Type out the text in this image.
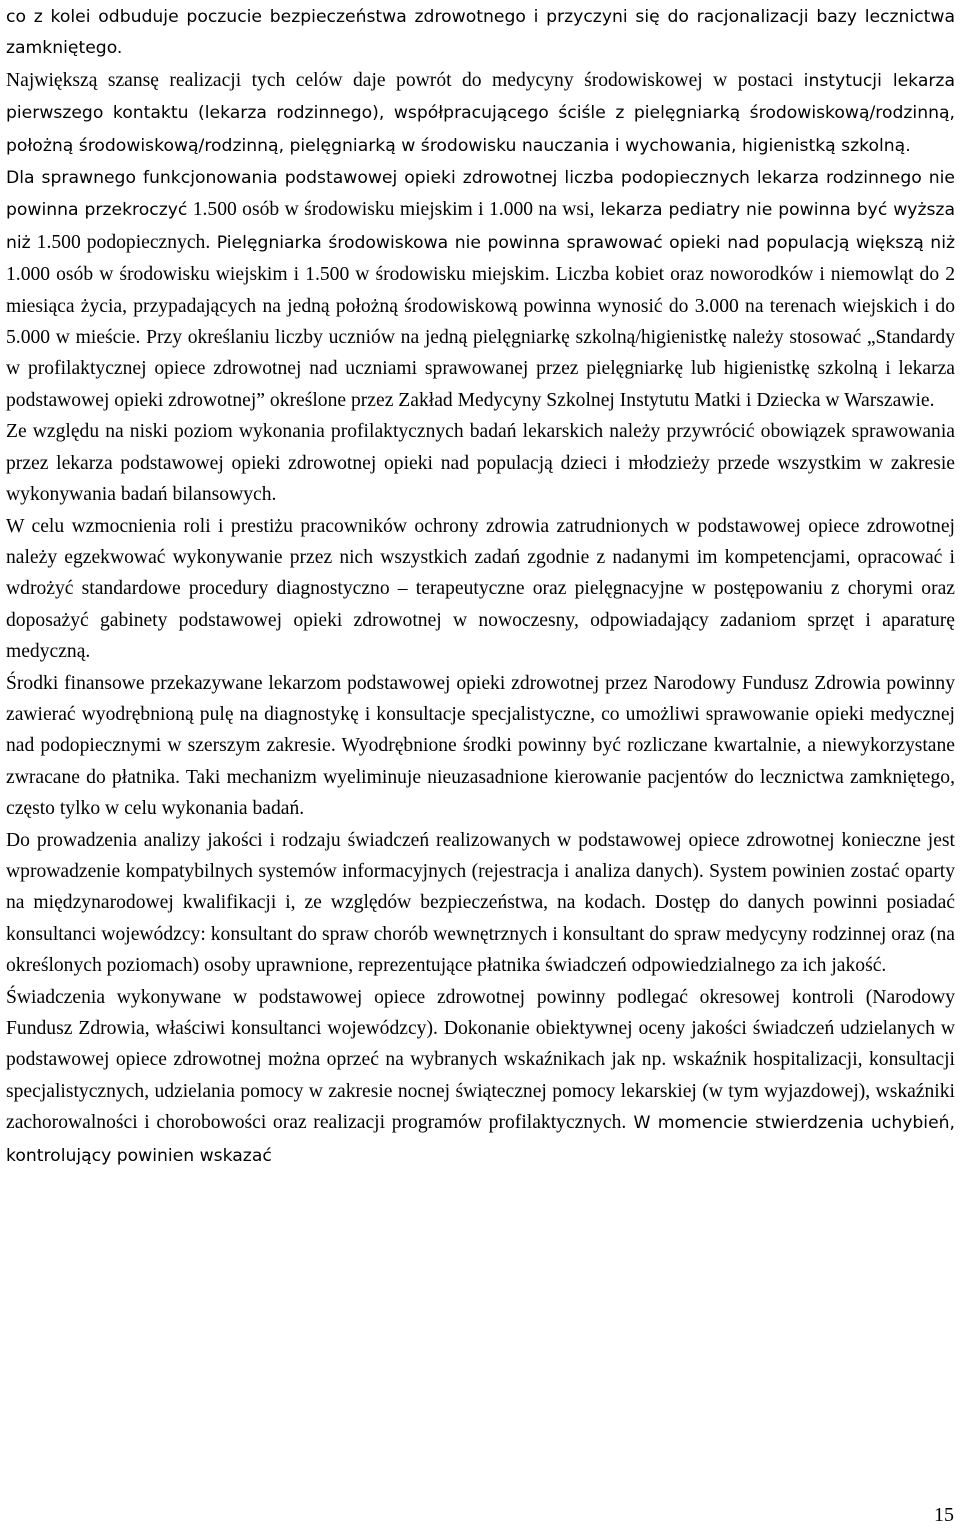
co z kolei odbuduje poczucie bezpieczeństwa zdrowotnego i przyczyni się do racjonalizacji bazy lecznictwa zamkniętego.

Największą szansę realizacji tych celów daje powrót do medycyny środowiskowej w postaci instytucji lekarza pierwszego kontaktu (lekarza rodzinnego), współpracującego ściśle z pielęgniarką środowiskową/rodzinną, położną środowiskową/rodzinną, pielęgniarką w środowisku nauczania i wychowania, higienistką szkolną.

Dla sprawnego funkcjonowania podstawowej opieki zdrowotnej liczba podopiecznych lekarza rodzinnego nie powinna przekroczyć 1.500 osób w środowisku miejskim i 1.000 na wsi, lekarza pediatry nie powinna być wyższa niż 1.500 podopiecznych. Pielęgniarka środowiskowa nie powinna sprawować opieki nad populacją większą niż 1.000 osób w środowisku wiejskim i 1.500 w środowisku miejskim. Liczba kobiet oraz noworodków i niemowląt do 2 miesiąca życia, przypadających na jedną położną środowiskową powinna wynosić do 3.000 na terenach wiejskich i do 5.000 w mieście. Przy określaniu liczby uczniów na jedną pielęgniarkę szkolną/higienistkę należy stosować „Standardy w profilaktycznej opiece zdrowotnej nad uczniami sprawowanej przez pielęgniarkę lub higienistkę szkolną i lekarza podstawowej opieki zdrowotnej” określone przez Zakład Medycyny Szkolnej Instytutu Matki i Dziecka w Warszawie.

Ze względu na niski poziom wykonania profilaktycznych badań lekarskich należy przywrócić obowiązek sprawowania przez lekarza podstawowej opieki zdrowotnej opieki nad populacją dzieci i młodzieży przede wszystkim w zakresie wykonywania badań bilansowych.

W celu wzmocnienia roli i prestiżu pracowników ochrony zdrowia zatrudnionych w podstawowej opiece zdrowotnej należy egzekwować wykonywanie przez nich wszystkich zadań zgodnie z nadanymi im kompetencjami, opracować i wdrożyć standardowe procedury diagnostyczno – terapeutyczne oraz pielęgnacyjne w postępowaniu z chorymi oraz doposażyć gabinety podstawowej opieki zdrowotnej w nowoczesny, odpowiadający zadaniom sprzęt i aparaturę medyczną.

Środki finansowe przekazywane lekarzom podstawowej opieki zdrowotnej przez Narodowy Fundusz Zdrowia powinny zawierać wyodrębnioną pulę na diagnostykę i konsultacje specjalistyczne, co umożliwi sprawowanie opieki medycznej nad podopiecznymi w szerszym zakresie. Wyodrębnione środki powinny być rozliczane kwartalnie, a niewykorzystane zwracane do płatnika. Taki mechanizm wyeliminuje nieuzasadnione kierowanie pacjentów do lecznictwa zamkniętego, często tylko w celu wykonania badań.

Do prowadzenia analizy jakości i rodzaju świadczeń realizowanych w podstawowej opiece zdrowotnej konieczne jest wprowadzenie kompatybilnych systemów informacyjnych (rejestracja i analiza danych). System powinien zostać oparty na międzynarodowej kwalifikacji i, ze względów bezpieczeństwa, na kodach. Dostęp do danych powinni posiadać konsultanci wojewódzcy: konsultant do spraw chorób wewnętrznych i konsultant do spraw medycyny rodzinnej oraz (na określonych poziomach) osoby uprawnione, reprezentujące płatnika świadczeń odpowiedzialnego za ich jakość.

Świadczenia wykonywane w podstawowej opiece zdrowotnej powinny podlegać okresowej kontroli (Narodowy Fundusz Zdrowia, właściwi konsultanci wojewódzcy). Dokonanie obiektywnej oceny jakości świadczeń udzielanych w podstawowej opiece zdrowotnej można oprzeć na wybranych wskaźnikach jak np. wskaźnik hospitalizacji, konsultacji specjalistycznych, udzielania pomocy w zakresie nocnej świątecznej pomocy lekarskiej (w tym wyjazdowej), wskaźniki zachorowalności i chorobowości oraz realizacji programów profilaktycznych. W momencie stwierdzenia uchybień, kontrolujący powinien wskazać

15
